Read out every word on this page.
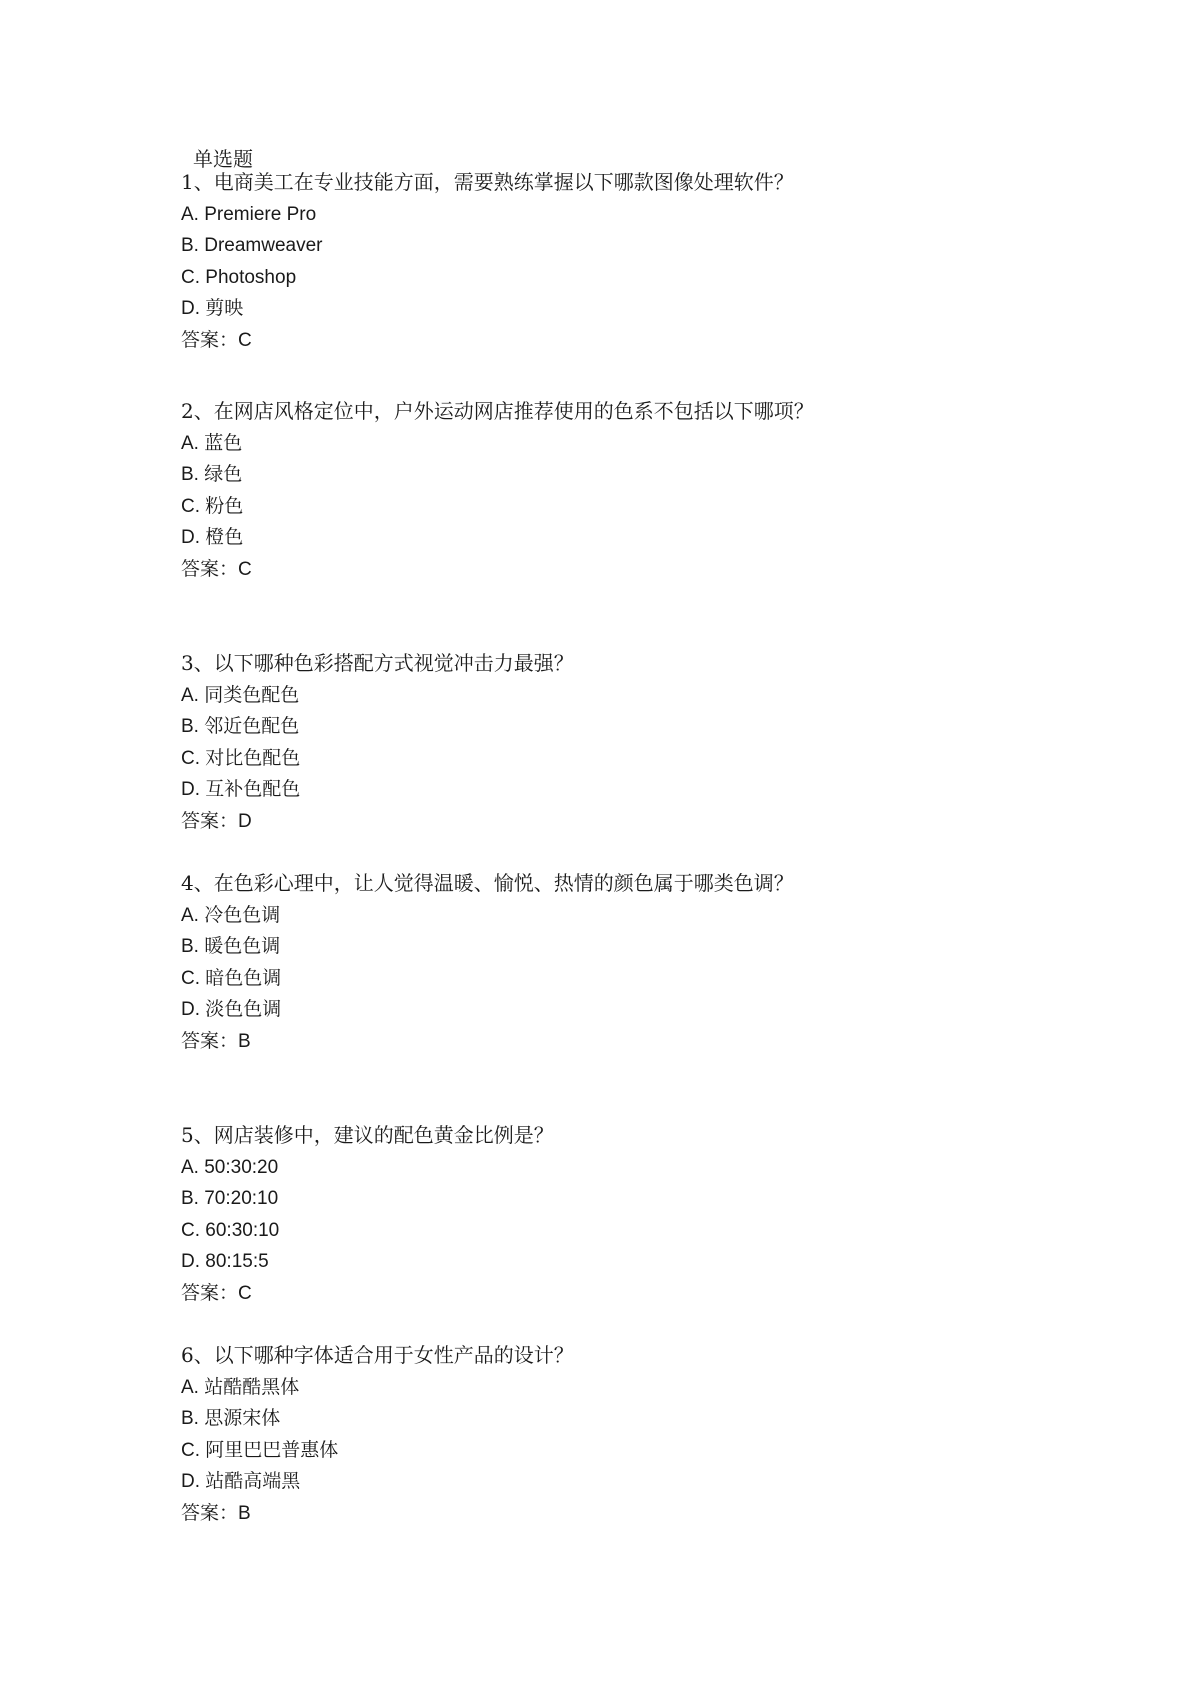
单选题
1、电商美工在专业技能方面，需要熟练掌握以下哪款图像处理软件？
A. Premiere Pro
B. Dreamweaver
C. Photoshop
D. 剪映
答案：C
2、在网店风格定位中，户外运动网店推荐使用的色系不包括以下哪项？
A. 蓝色
B. 绿色
C. 粉色
D. 橙色
答案：C
3、以下哪种色彩搭配方式视觉冲击力最强？
A. 同类色配色
B. 邻近色配色
C. 对比色配色
D. 互补色配色
答案：D
4、在色彩心理中，让人觉得温暖、愉悦、热情的颜色属于哪类色调？
A. 冷色色调
B. 暖色色调
C. 暗色色调
D. 淡色色调
答案：B
5、网店装修中，建议的配色黄金比例是？
A. 50:30:20
B. 70:20:10
C. 60:30:10
D. 80:15:5
答案：C
6、以下哪种字体适合用于女性产品的设计？
A. 站酷酷黑体
B. 思源宋体
C. 阿里巴巴普惠体
D. 站酷高端黑
答案：B
